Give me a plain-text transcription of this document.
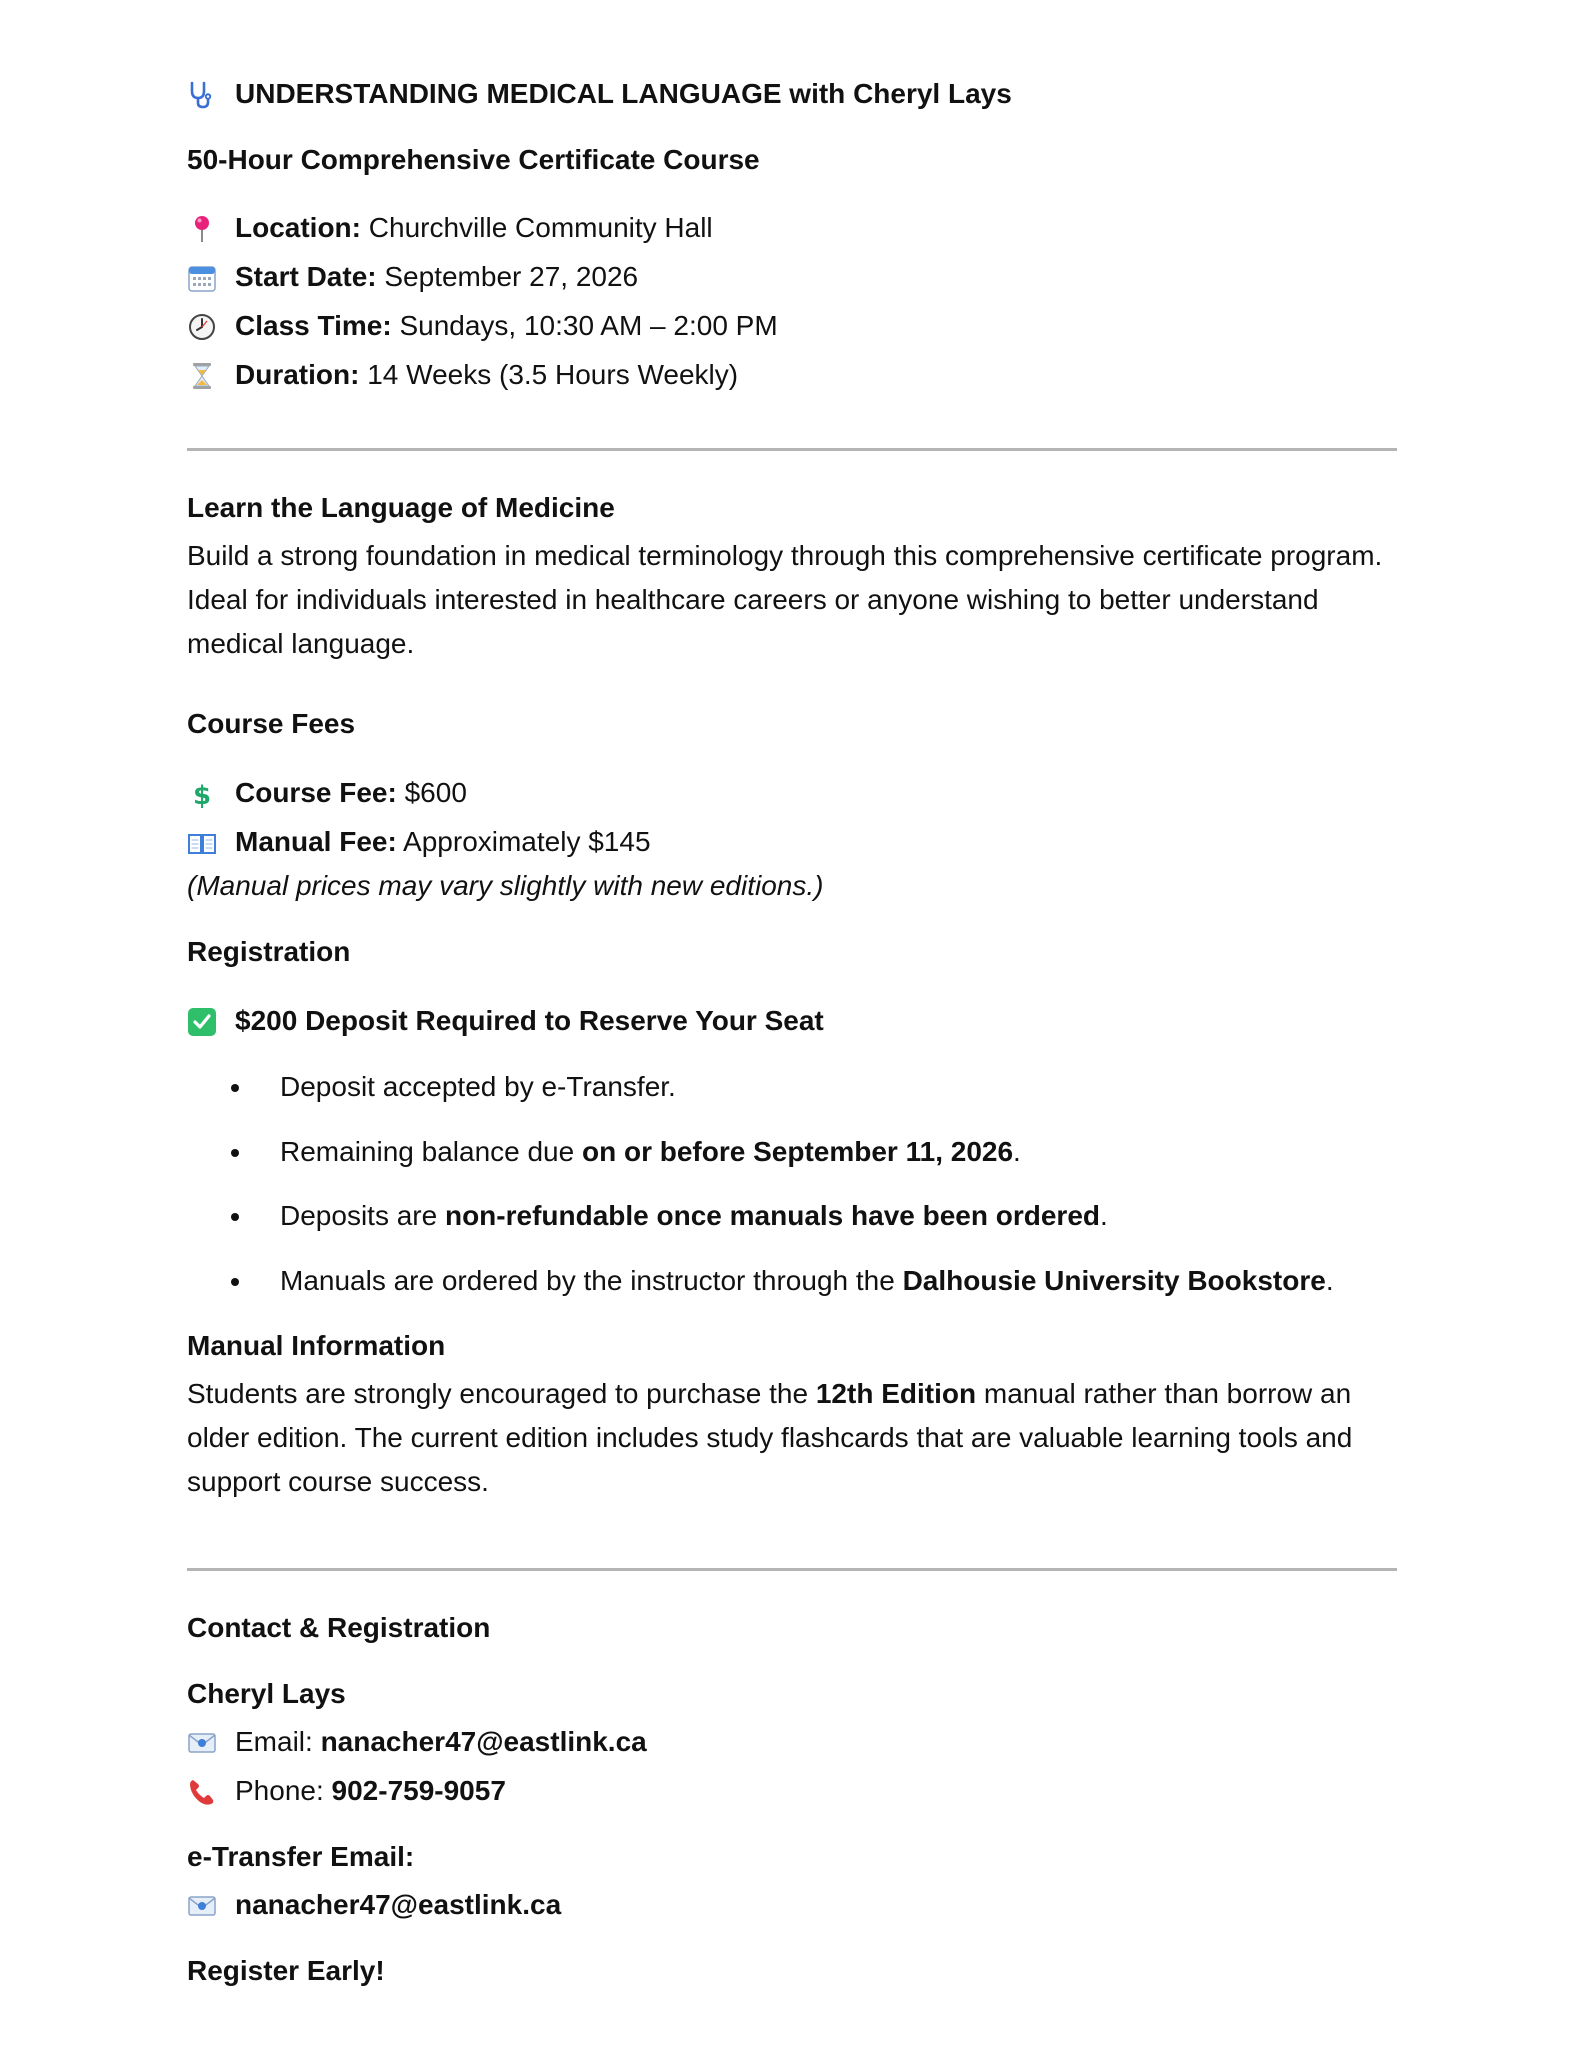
UNDERSTANDING MEDICAL LANGUAGE with Cheryl Lays
50-Hour Comprehensive Certificate Course
Location: Churchville Community Hall
Start Date: September 27, 2026
Class Time: Sundays, 10:30 AM – 2:00 PM
Duration: 14 Weeks (3.5 Hours Weekly)
Learn the Language of Medicine
Build a strong foundation in medical terminology through this comprehensive certificate program. Ideal for individuals interested in healthcare careers or anyone wishing to better understand medical language.
Course Fees
$ Course Fee: $600
Manual Fee: Approximately $145
(Manual prices may vary slightly with new editions.)
Registration
$200 Deposit Required to Reserve Your Seat
Deposit accepted by e-Transfer.
Remaining balance due on or before September 11, 2026.
Deposits are non-refundable once manuals have been ordered.
Manuals are ordered by the instructor through the Dalhousie University Bookstore.
Manual Information
Students are strongly encouraged to purchase the 12th Edition manual rather than borrow an older edition. The current edition includes study flashcards that are valuable learning tools and support course success.
Contact & Registration
Cheryl Lays
Email: nanacher47@eastlink.ca
Phone: 902-759-9057
e-Transfer Email:
nanacher47@eastlink.ca
Register Early!
